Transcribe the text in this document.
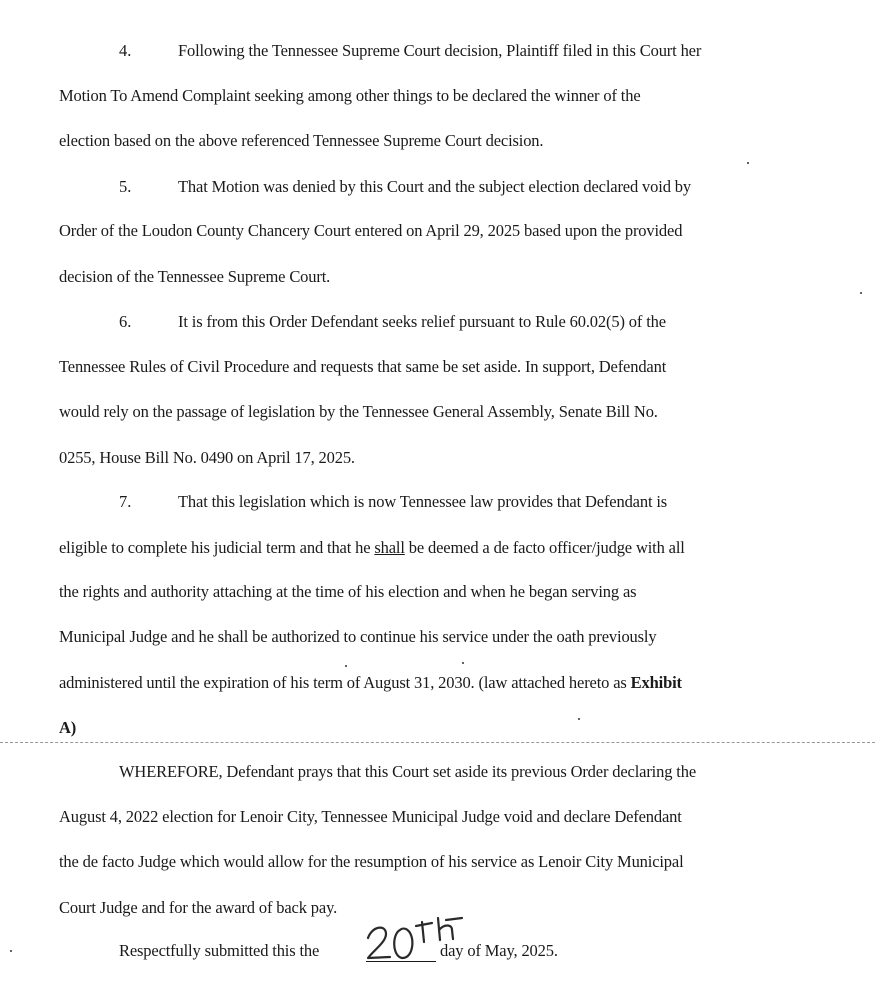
4.	Following the Tennessee Supreme Court decision, Plaintiff filed in this Court her
Motion To Amend Complaint seeking among other things to be declared the winner of the
election based on the above referenced Tennessee Supreme Court decision.
5.	That Motion was denied by this Court and the subject election declared void by
Order of the Loudon County Chancery Court entered on April 29, 2025 based upon the provided
decision of the Tennessee Supreme Court.
6.	It is from this Order Defendant seeks relief pursuant to Rule 60.02(5) of the
Tennessee Rules of Civil Procedure and requests that same be set aside. In support, Defendant
would rely on the passage of legislation by the Tennessee General Assembly, Senate Bill No.
0255, House Bill No. 0490 on April 17, 2025.
7.	That this legislation which is now Tennessee law provides that Defendant is
eligible to complete his judicial term and that he shall be deemed a de facto officer/judge with all
the rights and authority attaching at the time of his election and when he began serving as
Municipal Judge and he shall be authorized to continue his service under the oath previously
administered until the expiration of his term of August 31, 2030. (law attached hereto as Exhibit
A)
WHEREFORE, Defendant prays that this Court set aside its previous Order declaring the
August 4, 2022 election for Lenoir City, Tennessee Municipal Judge void and declare Defendant
the de facto Judge which would allow for the resumption of his service as Lenoir City Municipal
Court Judge and for the award of back pay.
Respectfully submitted this the	day of May, 2025.
